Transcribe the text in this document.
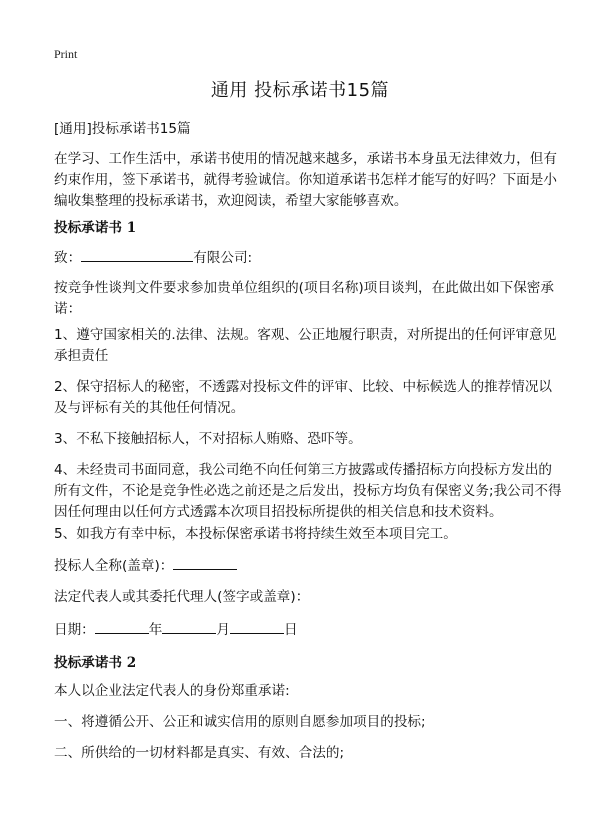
Print
通用 投标承诺书15篇

[通用]投标承诺书15篇

在学习、工作生活中，承诺书使用的情况越来越多，承诺书本身虽无法律效力，但有约束作用，签下承诺书，就得考验诚信。你知道承诺书怎样才能写的好吗？下面是小编收集整理的投标承诺书，欢迎阅读，希望大家能够喜欢。

投标承诺书 1

致：	有限公司:

按竞争性谈判文件要求参加贵单位组织的(项目名称)项目谈判，在此做出如下保密承诺：

1、遵守国家相关的.法律、法规。客观、公正地履行职责，对所提出的任何评审意见承担责任

2、保守招标人的秘密，不透露对投标文件的评审、比较、中标候选人的推荐情况以及与评标有关的其他任何情况。

3、不私下接触招标人，不对招标人贿赂、恐吓等。

4、未经贵司书面同意，我公司绝不向任何第三方披露或传播招标方向投标方发出的所有文件，不论是竞争性必选之前还是之后发出，投标方均负有保密义务;我公司不得因任何理由以任何方式透露本次项目招投标所提供的相关信息和技术资料。

5、如我方有幸中标，本投标保密承诺书将持续生效至本项目完工。

投标人全称(盖章)：

法定代表人或其委托代理人(签字或盖章)：

日期：	年	月	日

投标承诺书 2

本人以企业法定代表人的身份郑重承诺:

一、将遵循公开、公正和诚实信用的原则自愿参加项目的投标;

二、所供给的一切材料都是真实、有效、合法的;
